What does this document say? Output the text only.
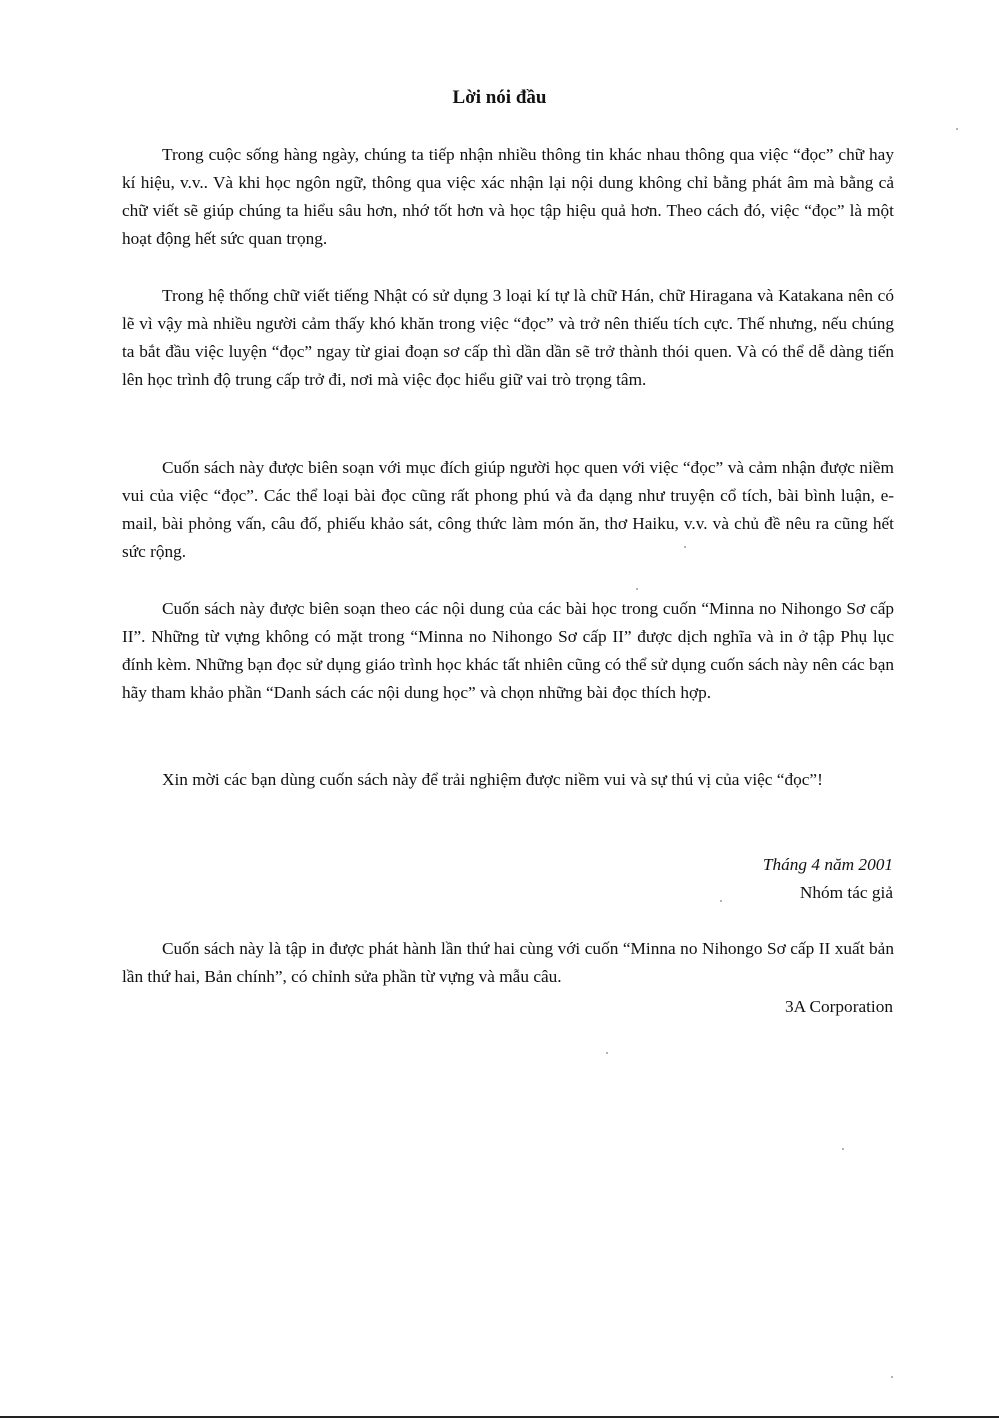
Lời nói đầu

Trong cuộc sống hàng ngày, chúng ta tiếp nhận nhiều thông tin khác nhau thông qua việc “đọc” chữ hay kí hiệu, v.v.. Và khi học ngôn ngữ, thông qua việc xác nhận lại nội dung không chỉ bằng phát âm mà bằng cả chữ viết sẽ giúp chúng ta hiểu sâu hơn, nhớ tốt hơn và học tập hiệu quả hơn. Theo cách đó, việc “đọc” là một hoạt động hết sức quan trọng.

Trong hệ thống chữ viết tiếng Nhật có sử dụng 3 loại kí tự là chữ Hán, chữ Hiragana và Katakana nên có lẽ vì vậy mà nhiều người cảm thấy khó khăn trong việc “đọc” và trở nên thiếu tích cực. Thế nhưng, nếu chúng ta bắt đầu việc luyện “đọc” ngay từ giai đoạn sơ cấp thì dần dần sẽ trở thành thói quen. Và có thể dễ dàng tiến lên học trình độ trung cấp trở đi, nơi mà việc đọc hiểu giữ vai trò trọng tâm.

Cuốn sách này được biên soạn với mục đích giúp người học quen với việc “đọc” và cảm nhận được niềm vui của việc “đọc”. Các thể loại bài đọc cũng rất phong phú và đa dạng như truyện cổ tích, bài bình luận, e-mail, bài phỏng vấn, câu đố, phiếu khảo sát, công thức làm món ăn, thơ Haiku, v.v. và chủ đề nêu ra cũng hết sức rộng.

Cuốn sách này được biên soạn theo các nội dung của các bài học trong cuốn “Minna no Nihongo Sơ cấp II”. Những từ vựng không có mặt trong “Minna no Nihongo Sơ cấp II” được dịch nghĩa và in ở tập Phụ lục đính kèm. Những bạn đọc sử dụng giáo trình học khác tất nhiên cũng có thể sử dụng cuốn sách này nên các bạn hãy tham khảo phần “Danh sách các nội dung học” và chọn những bài đọc thích hợp.

Xin mời các bạn dùng cuốn sách này để trải nghiệm được niềm vui và sự thú vị của việc “đọc”!

Tháng 4 năm 2001
Nhóm tác giả

Cuốn sách này là tập in được phát hành lần thứ hai cùng với cuốn “Minna no Nihongo Sơ cấp II xuất bản lần thứ hai, Bản chính”, có chỉnh sửa phần từ vựng và mẫu câu.

3A Corporation
